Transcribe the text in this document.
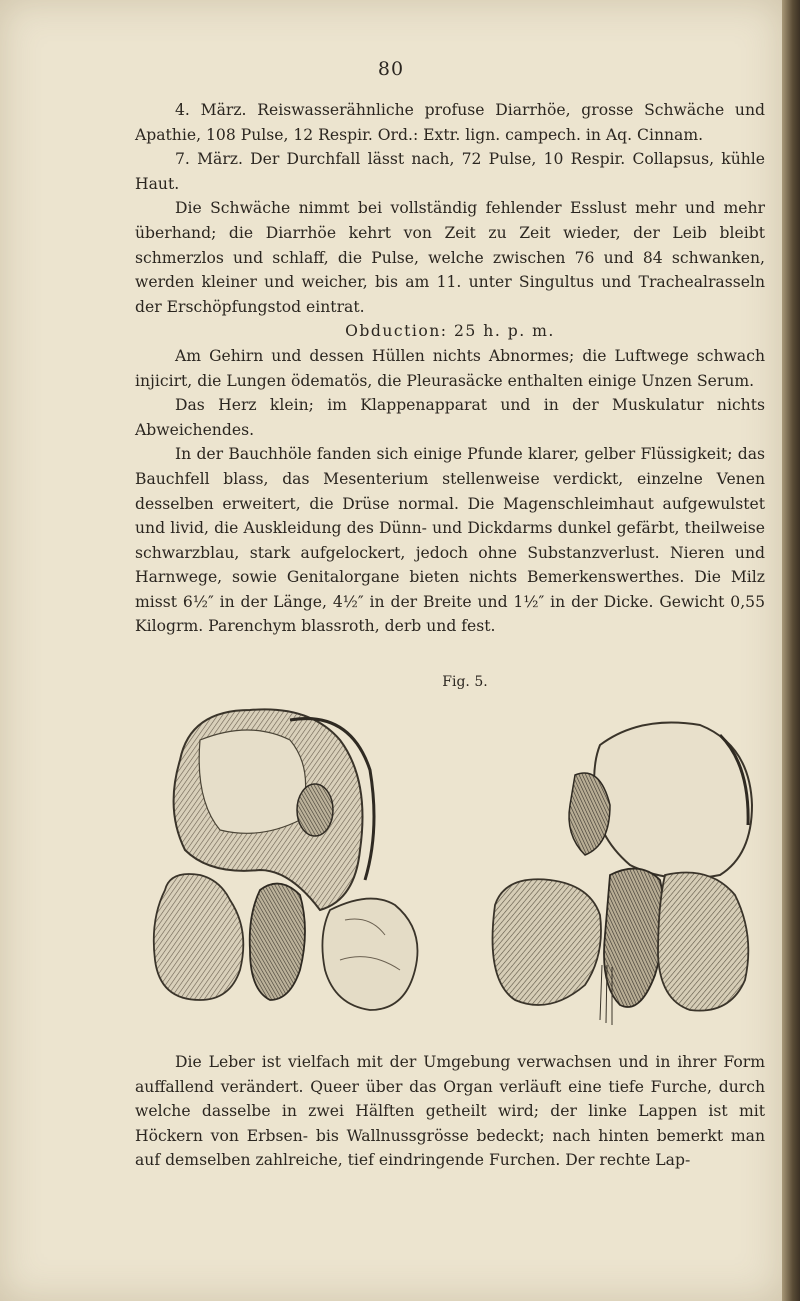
80

4. März. Reiswasserähnliche profuse Diarrhöe, grosse Schwäche und Apathie, 108 Pulse, 12 Respir. Ord.: Extr. lign. campech. in Aq. Cinnam.

7. März. Der Durchfall lässt nach, 72 Pulse, 10 Respir. Collapsus, kühle Haut.

Die Schwäche nimmt bei vollständig fehlender Esslust mehr und mehr überhand; die Diarrhöe kehrt von Zeit zu Zeit wieder, der Leib bleibt schmerzlos und schlaff, die Pulse, welche zwischen 76 und 84 schwanken, werden kleiner und weicher, bis am 11. unter Singultus und Trachealrasseln der Erschöpfungstod eintrat.

Obduction: 25 h. p. m.

Am Gehirn und dessen Hüllen nichts Abnormes; die Luftwege schwach injicirt, die Lungen ödematös, die Pleurasäcke enthalten einige Unzen Serum.

Das Herz klein; im Klappenapparat und in der Muskulatur nichts Abweichendes.

In der Bauchhöle fanden sich einige Pfunde klarer, gelber Flüssigkeit; das Bauchfell blass, das Mesenterium stellenweise verdickt, einzelne Venen desselben erweitert, die Drüse normal. Die Magenschleimhaut aufgewulstet und livid, die Auskleidung des Dünn- und Dickdarms dunkel gefärbt, theilweise schwarzblau, stark aufgelockert, jedoch ohne Substanzverlust. Nieren und Harnwege, sowie Genitalorgane bieten nichts Bemerkenswerthes. Die Milz misst 6½″ in der Länge, 4½″ in der Breite und 1½″ in der Dicke. Gewicht 0,55 Kilogrm. Parenchym blassroth, derb und fest.

Fig. 5.

Die Leber ist vielfach mit der Umgebung verwachsen und in ihrer Form auffallend verändert. Queer über das Organ verläuft eine tiefe Furche, durch welche dasselbe in zwei Hälften getheilt wird; der linke Lappen ist mit Höckern von Erbsen- bis Wallnussgrösse bedeckt; nach hinten bemerkt man auf demselben zahlreiche, tief eindringende Furchen. Der rechte Lap-
